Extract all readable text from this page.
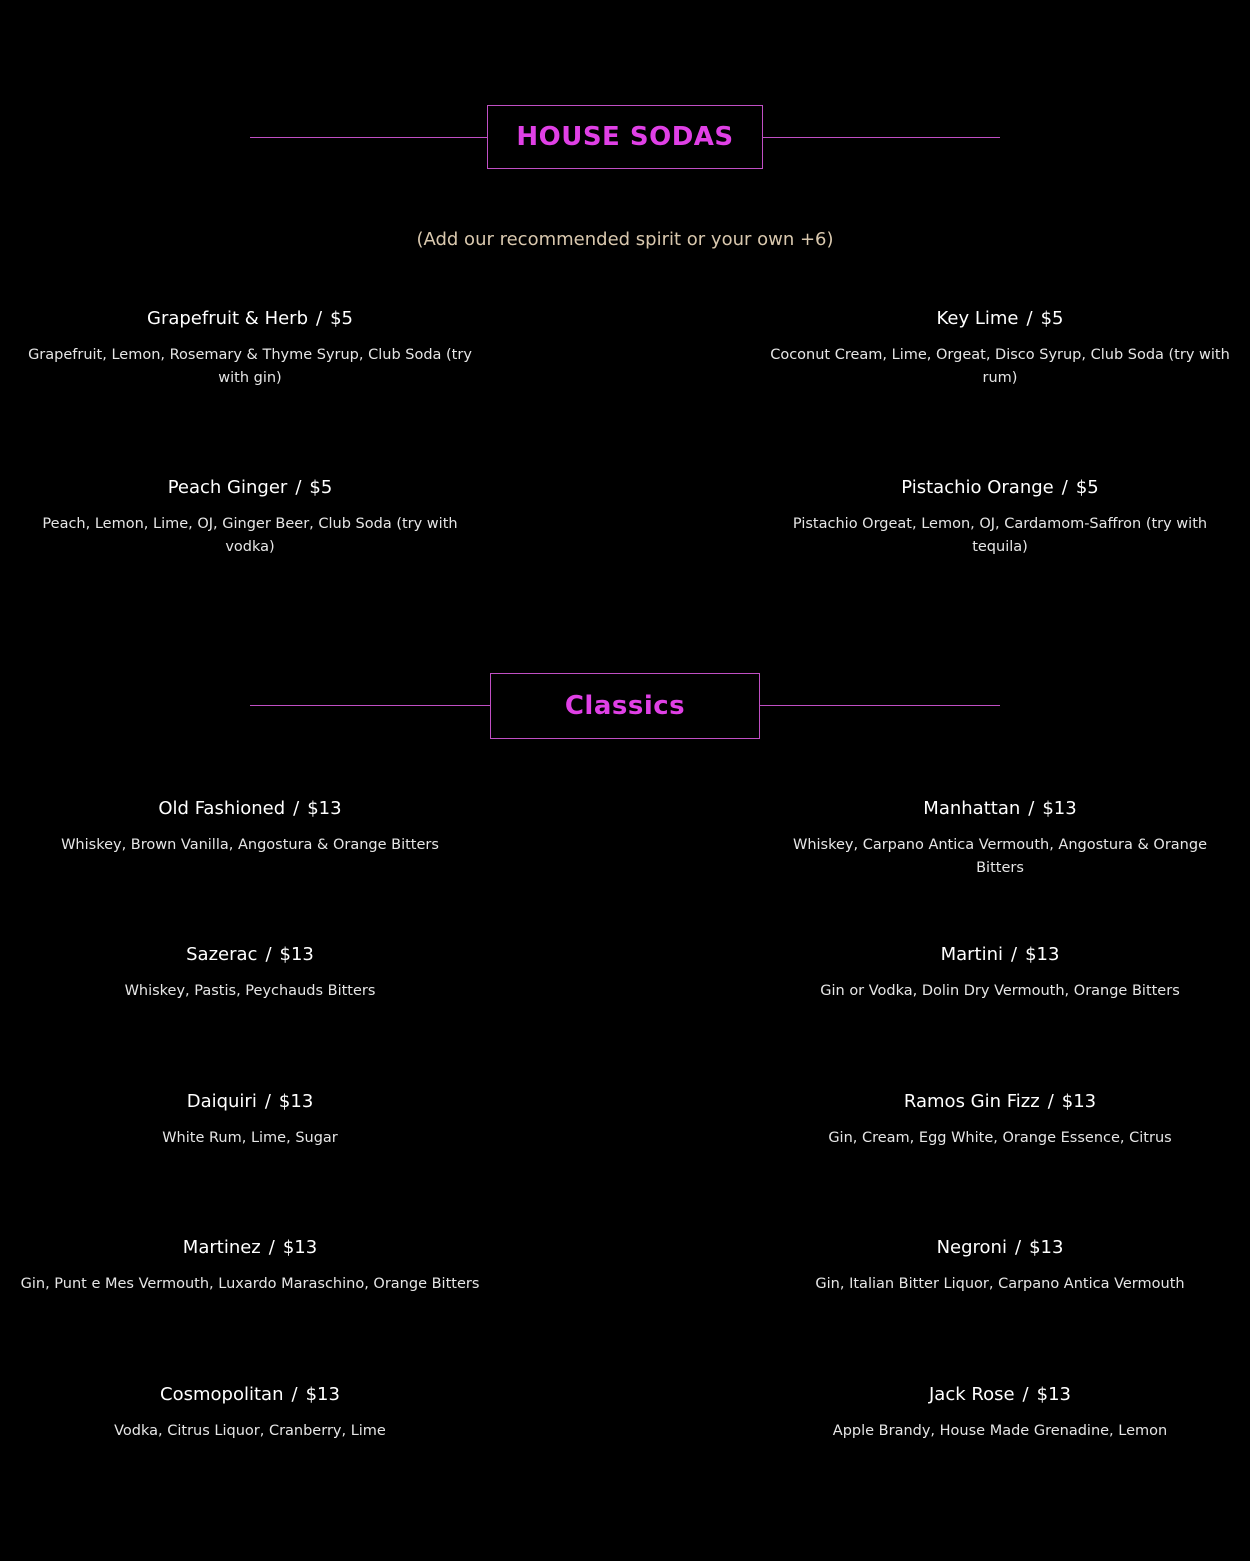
HOUSE SODAS
(Add our recommended spirit or your own +6)
Grapefruit & Herb / $5
Grapefruit, Lemon, Rosemary & Thyme Syrup, Club Soda (try with gin)
Key Lime / $5
Coconut Cream, Lime, Orgeat, Disco Syrup, Club Soda (try with rum)
Peach Ginger / $5
Peach, Lemon, Lime, OJ, Ginger Beer, Club Soda (try with vodka)
Pistachio Orange / $5
Pistachio Orgeat, Lemon, OJ, Cardamom-Saffron (try with tequila)
Classics
Old Fashioned / $13
Whiskey, Brown Vanilla, Angostura & Orange Bitters
Manhattan / $13
Whiskey, Carpano Antica Vermouth, Angostura & Orange Bitters
Sazerac / $13
Whiskey, Pastis, Peychauds Bitters
Martini / $13
Gin or Vodka, Dolin Dry Vermouth, Orange Bitters
Daiquiri / $13
White Rum, Lime, Sugar
Ramos Gin Fizz / $13
Gin, Cream, Egg White, Orange Essence, Citrus
Martinez / $13
Gin, Punt e Mes Vermouth, Luxardo Maraschino, Orange Bitters
Negroni / $13
Gin, Italian Bitter Liquor, Carpano Antica Vermouth
Cosmopolitan / $13
Vodka, Citrus Liquor, Cranberry, Lime
Jack Rose / $13
Apple Brandy, House Made Grenadine, Lemon
